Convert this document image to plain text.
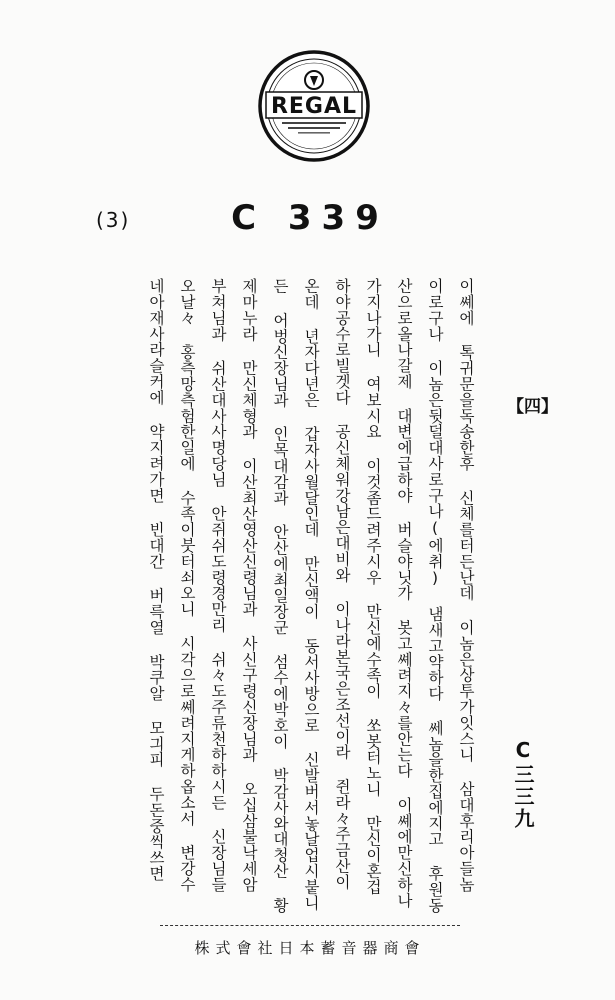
REGAL
(3)	C 339
이쎼에 톡귀문을독송한후 신체를터든난데 이놈은상투가잇스니 삼대후리아들놈
이로구나 이놈은뒷덜대사로구나(에취) 냄새고약하다 쎄놈을한집에지고 후원동
산으로올나갈제 대변에급하야 버슬야닛가 봇고쎼려지々를안는다 이쎼에만신하나
가지나가니 여보시요 이것좀드려주시우 만신에수족이 쏘봇터노니 만신이혼겁
하야공수로빌겟다 공신체워강남은대비와 이나라본국은조선이라 쥔라々주금산이
온데 년자다년은 갑자사월달인데 만신액이 동서사방으로 신발버서놓날업시붙니
든 어벙신장님과 인목대감과 안산에최일장군 섬수에박호이 박감사와대청산 황
제마누라 만신체형과 이산최산영산신령님과 사신구령신장님과 오십삼불낙세암
부쳐님과 쉬산대사사명당님 안쥐쉬도령경만리 쉬々도주류천하하시든 신장님들
오날々 홍측망측험한일에 수족이붓터쇠오니 시각으로쎼려지게하옵소서 변강수
네아재사라슬커에 약지려가면 빈대간 버륵열 박쿠알 모긔피 두돈중씩쓰면	【四】
C三三九
株式會社日本蓄音器商會
